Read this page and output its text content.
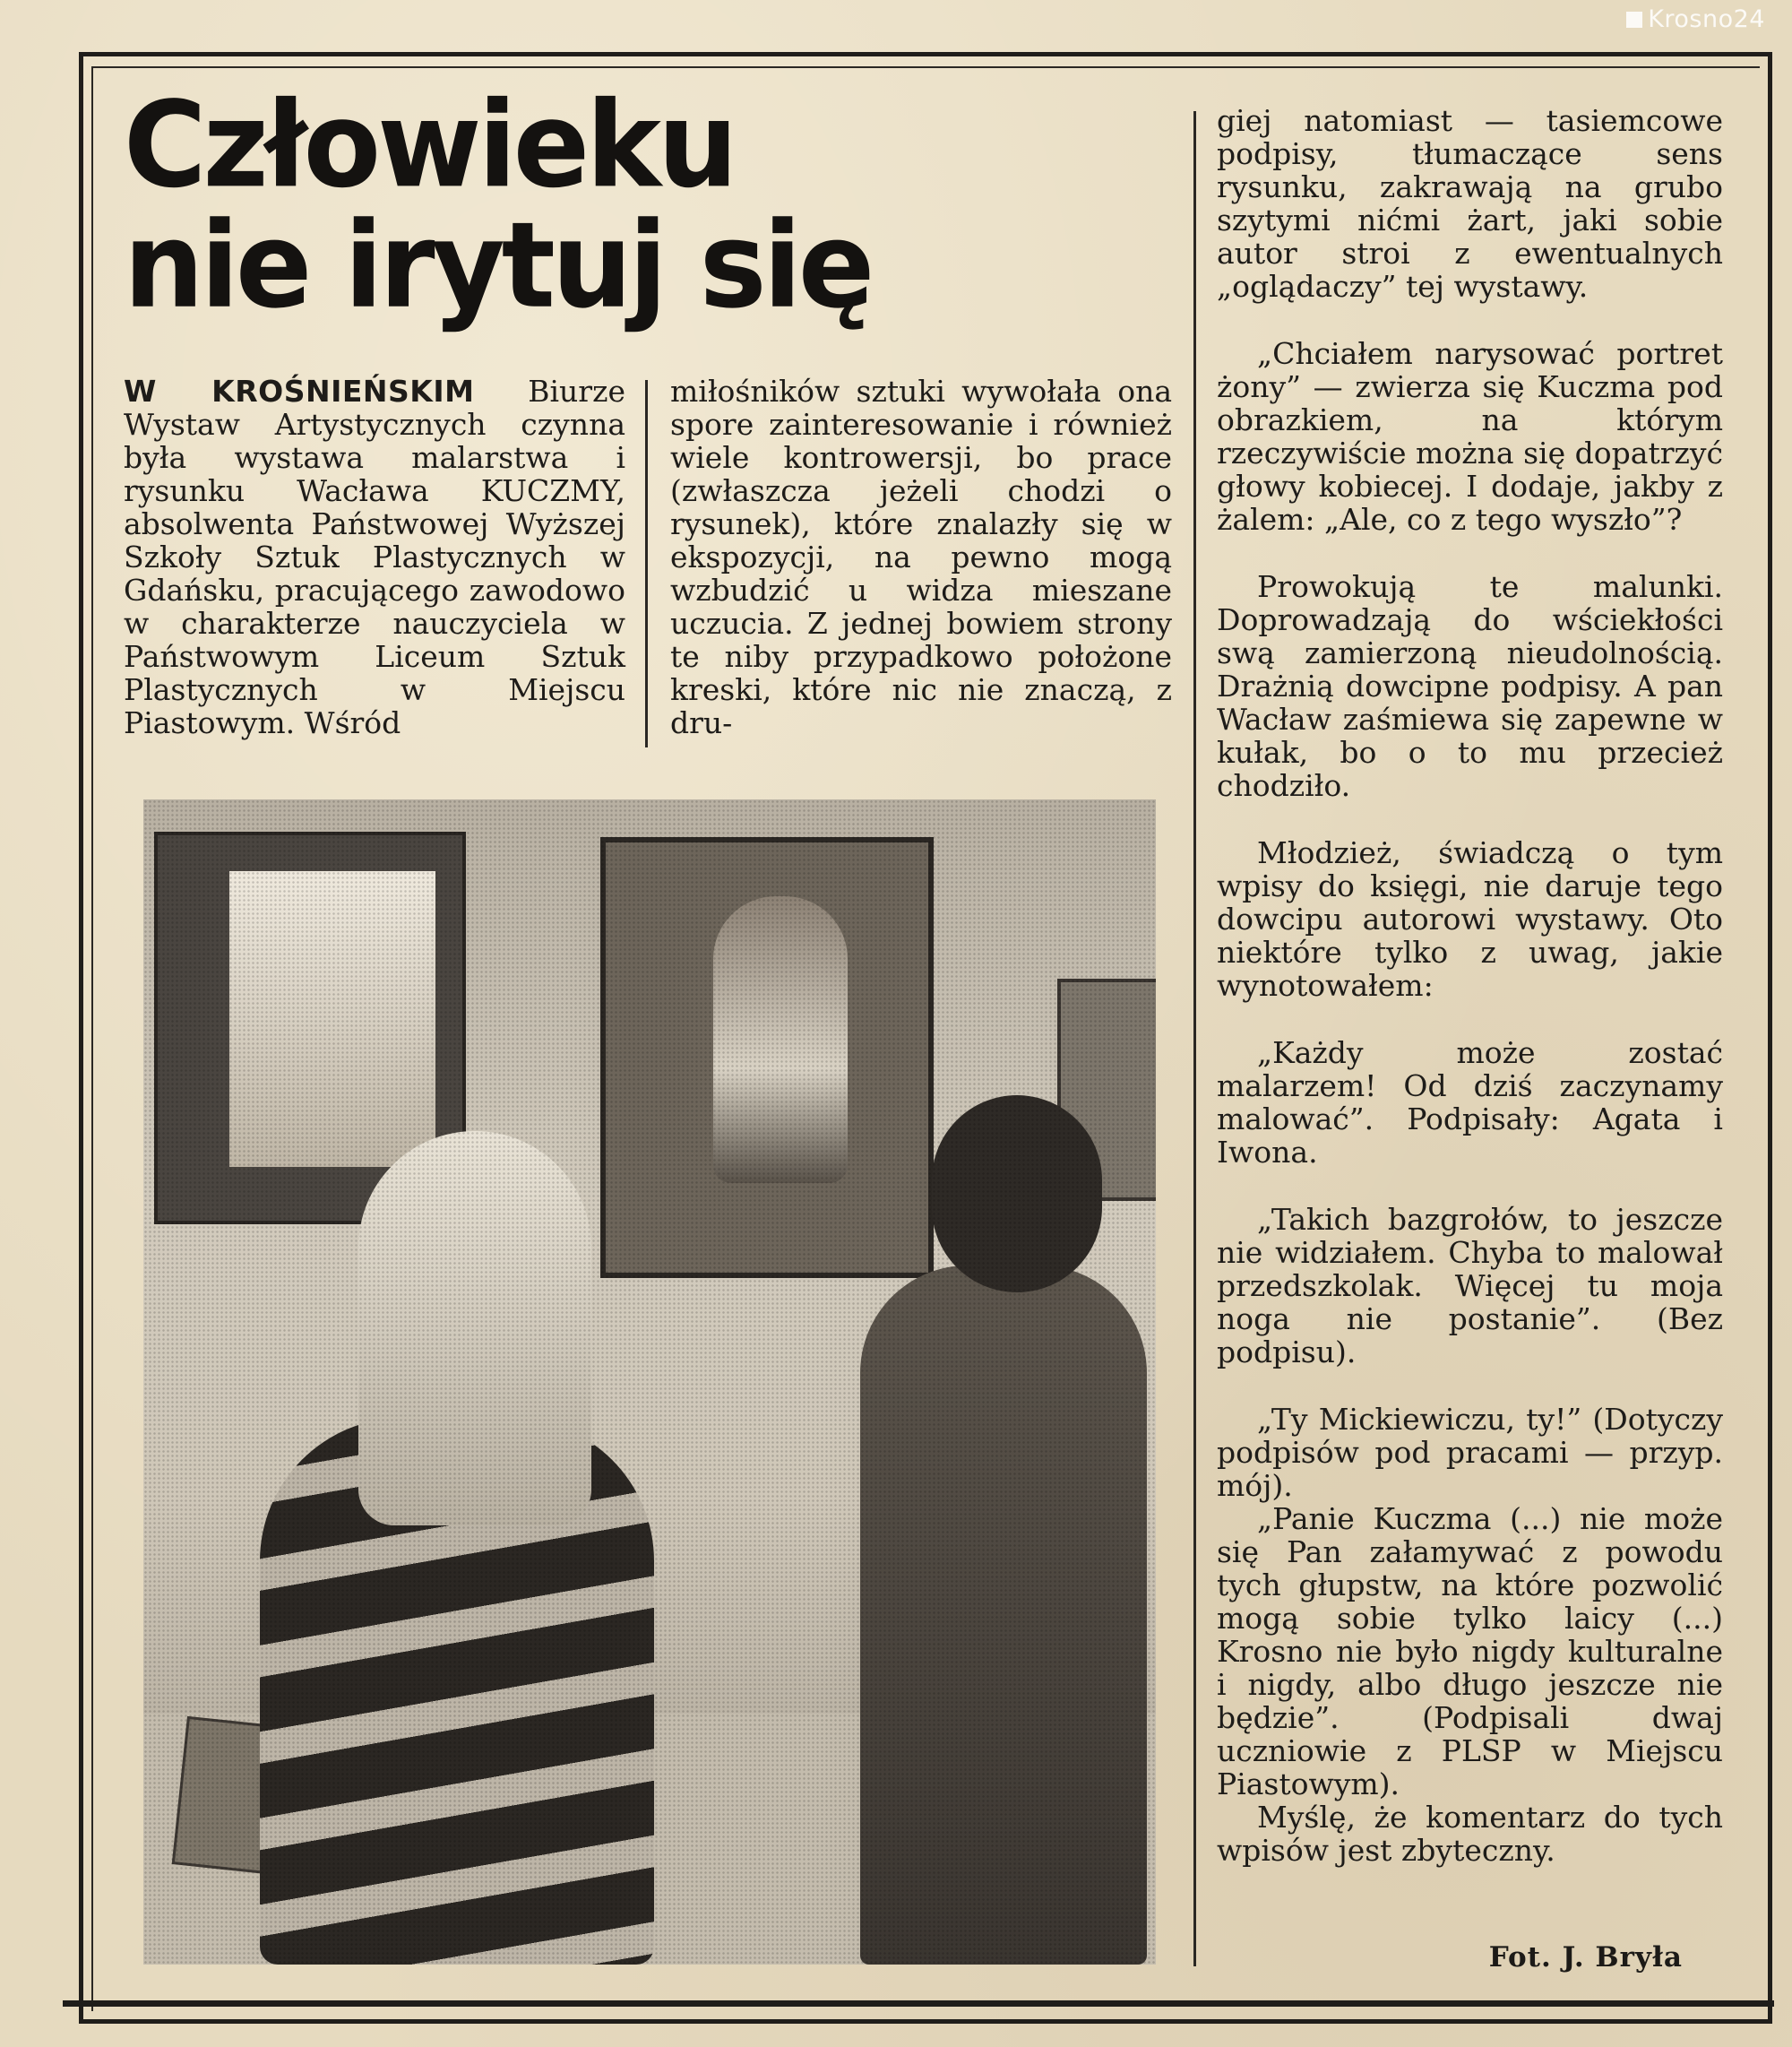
Krosno24
Człowieku
nie irytuj się

W KROŚNIEŃSKIM Biurze Wystaw Artystycznych czynna była wystawa malarstwa i rysunku Wacława KUCZMY, absolwenta Państwowej Wyższej Szkoły Sztuk Plastycznych w Gdańsku, pracującego zawodowo w charakterze nauczyciela w Państwowym Liceum Sztuk Plastycznych w Miejscu Piastowym. Wśród

miłośników sztuki wywołała ona spore zainteresowanie i również wiele kontrowersji, bo prace (zwłaszcza jeżeli chodzi o rysunek), które znalazły się w ekspozycji, na pewno mogą wzbudzić u widza mieszane uczucia. Z jednej bowiem strony te niby przypadkowo położone kreski, które nic nie znaczą, z dru-

giej natomiast — tasiemcowe podpisy, tłumaczące sens rysunku, zakrawają na grubo szytymi nićmi żart, jaki sobie autor stroi z ewentualnych „oglądaczy” tej wystawy.

„Chciałem narysować portret żony” — zwierza się Kuczma pod obrazkiem, na którym rzeczywiście można się dopatrzyć głowy kobiecej. I dodaje, jakby z żalem: „Ale, co z tego wyszło”?

Prowokują te malunki. Doprowadzają do wściekłości swą zamierzoną nieudolnością. Drażnią dowcipne podpisy. A pan Wacław zaśmiewa się zapewne w kułak, bo o to mu przecież chodziło.

Młodzież, świadczą o tym wpisy do księgi, nie daruje tego dowcipu autorowi wystawy. Oto niektóre tylko z uwag, jakie wynotowałem:

„Każdy może zostać malarzem! Od dziś zaczynamy malować”. Podpisały: Agata i Iwona.

„Takich bazgrołów, to jeszcze nie widziałem. Chyba to malował przedszkolak. Więcej tu moja noga nie postanie”. (Bez podpisu).

„Ty Mickiewiczu, ty!” (Dotyczy podpisów pod pracami — przyp. mój).

„Panie Kuczma (...) nie może się Pan załamywać z powodu tych głupstw, na które pozwolić mogą sobie tylko laicy (...) Krosno nie było nigdy kulturalne i nigdy, albo długo jeszcze nie będzie”. (Podpisali dwaj uczniowie z PLSP w Miejscu Piastowym).

Myślę, że komentarz do tych wpisów jest zbyteczny.

Fot. J. Bryła
